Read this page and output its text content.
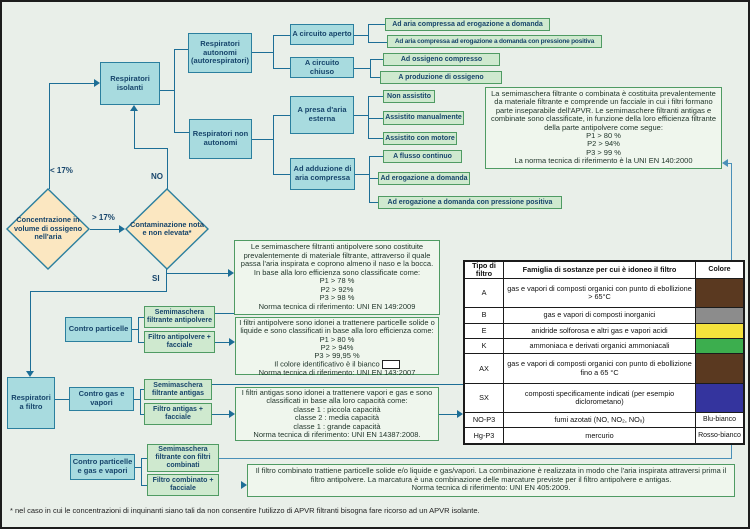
Concentrazione in volume di ossigeno nell'aria
Contaminazione nota e non elevata*
< 17%
> 17%
NO
SI
Respiratori isolanti
Respiratori autonomi (autorespiratori)
Respiratori non autonomi
A circuito aperto
A circuito chiuso
A presa d'aria esterna
Ad adduzione di aria compressa
Respiratori a filtro
Contro particelle
Contro gas e vapori
Contro particelle e gas e vapori
Ad aria compressa ad erogazione a domanda
Ad aria compressa ad erogazione a domanda con pressione positiva
Ad ossigeno compresso
A produzione di ossigeno
Non assistito
Assistito manualmente
Assistito con motore
A flusso continuo
Ad erogazione a domanda
Ad erogazione a domanda con pressione positiva
Semimaschera filtrante antipolvere
Filtro antipolvere + facciale
Semimaschera filtrante antigas
Filtro antigas + facciale
Semimaschera filtrante con filtri combinati
Filtro combinato + facciale
La semimaschera filtrante o combinata è costituita prevalentemente da materiale filtrante e comprende un facciale in cui i filtri formano parte inseparabile dell'APVR. Le semimaschere filtranti antigas e combinate sono classificate, in funzione della loro efficienza filtrante della parte antipolvere come segue:
P1 > 80 %
P2 > 94%
P3 > 99 %
La norma tecnica di riferimento è la UNI EN 140:2000
Le semimaschere filtranti antipolvere sono costituite prevalentemente di materiale filtrante, attraverso il quale passa l'aria inspirata e coprono almeno il naso e la bocca. In base alla loro efficienza sono classificate come:
P1 > 78 %
P2 > 92%
P3 > 98 %
Norma tecnica di riferimento: UNI EN 149:2009
I filtri antipolvere sono idonei a trattenere particelle solide o liquide e sono classificati in base alla loro efficienza come:
P1 > 80 %
P2 > 94%
P3 > 99,95 %
Il colore identificativo è il bianco
Norma tecnica di riferimento: UNI EN 143:2007
I filtri antigas sono idonei a trattenere vapori e gas e sono classificati in base alla loro capacità come:
classe 1 : piccola capacità
classe 2 : media capacità
classe 1 : grande capacità
Norma tecnica di riferimento: UNI EN 14387:2008.
Il filtro combinato trattiene particelle solide e/o liquide e gas/vapori. La combinazione è realizzata in modo che l'aria inspirata attraversi prima il filtro antipolvere. La marcatura è una combinazione delle marcature previste per il filtro antipolvere e antigas.
Norma tecnica di riferimento: UNI EN 405:2009.
Tipo di filtro	Famiglia di sostanze per cui è idoneo il filtro	Colore
A	gas e vapori di composti organici con punto di ebollizione > 65°C	
B	gas e vapori di composti inorganici	
E	anidride solforosa e altri gas e vapori acidi	
K	ammoniaca e derivati organici ammoniacali	
AX	gas e vapori di composti organici con punto di ebollizione fino a 65 °C	
SX	composti specificamente indicati (per esempio diclorometano)	
NO-P3	fumi azotati (NO, NO₂, NOₓ)	Blu-bianco
Hg-P3	mercurio	Rosso-bianco
* nel caso in cui le concentrazioni di inquinanti siano tali da non consentire l'utilizzo di APVR filtranti bisogna fare ricorso ad un APVR isolante.
